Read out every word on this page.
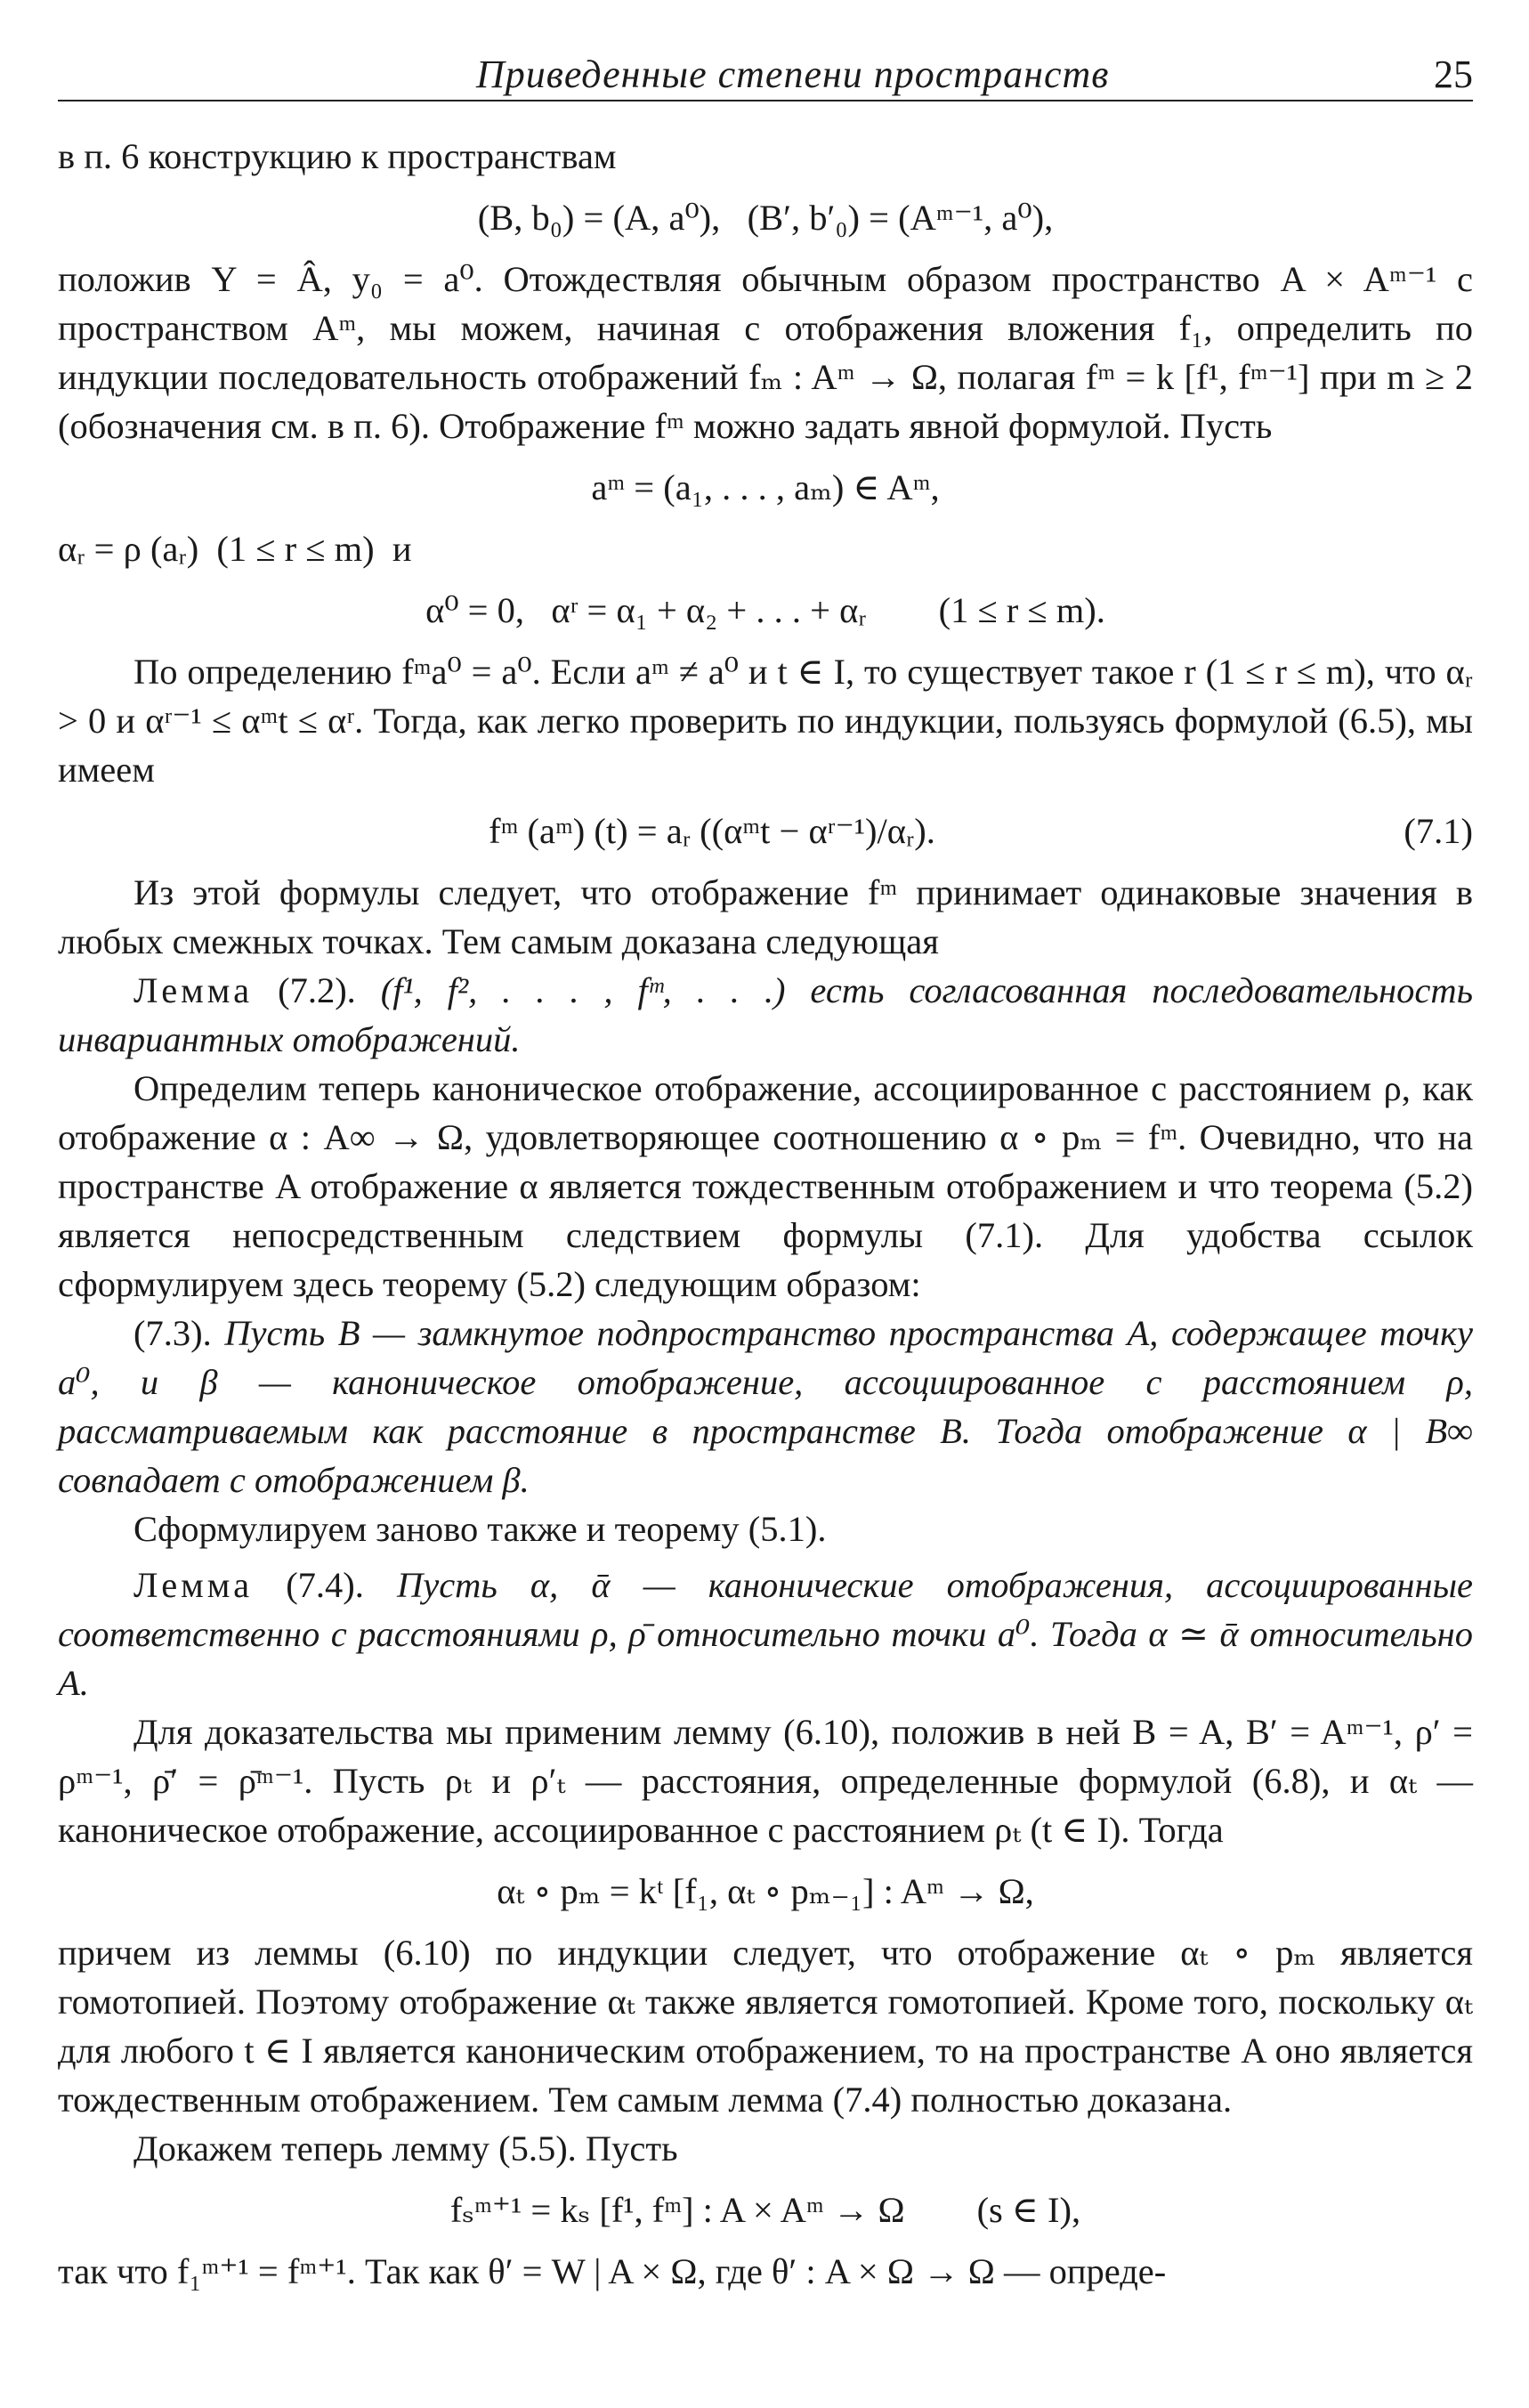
Приведенные степени пространств	25

в п. 6 конструкцию к пространствам

(B, b₀) = (A, a⁰),   (B′, b′₀) = (Aᵐ⁻¹, a⁰),

положив Y = Â, y₀ = a⁰. Отождествляя обычным образом пространство A × Aᵐ⁻¹ с пространством Aᵐ, мы можем, начиная с отображения вложения f₁, определить по индукции последовательность отображений fₘ : Aᵐ → Ω, полагая fᵐ = k [f¹, fᵐ⁻¹] при m ≥ 2 (обозначения см. в п. 6). Отображение fᵐ можно задать явной формулой. Пусть

aᵐ = (a₁, . . . , aₘ) ∈ Aᵐ,

αᵣ = ρ (aᵣ)  (1 ≤ r ≤ m)  и

α⁰ = 0,   αʳ = α₁ + α₂ + . . . + αᵣ        (1 ≤ r ≤ m).

По определению fᵐa⁰ = a⁰. Если aᵐ ≠ a⁰ и t ∈ I, то существует такое r (1 ≤ r ≤ m), что αᵣ > 0 и αʳ⁻¹ ≤ αᵐt ≤ αʳ. Тогда, как легко проверить по индукции, пользуясь формулой (6.5), мы имеем

fᵐ (aᵐ) (t) = aᵣ ((αᵐt − αʳ⁻¹)/αᵣ).	(7.1)

Из этой формулы следует, что отображение fᵐ принимает одинаковые значения в любых смежных точках. Тем самым доказана следующая

Лемма (7.2). (f¹, f², . . . , fᵐ, . . .) есть согласованная последовательность инвариантных отображений.

Определим теперь каноническое отображение, ассоциированное с расстоянием ρ, как отображение α : A∞ → Ω, удовлетворяющее соотношению α ∘ pₘ = fᵐ. Очевидно, что на пространстве A отображение α является тождественным отображением и что теорема (5.2) является непосредственным следствием формулы (7.1). Для удобства ссылок сформулируем здесь теорему (5.2) следующим образом:

(7.3). Пусть B — замкнутое подпространство пространства A, содержащее точку a⁰, и β — каноническое отображение, ассоциированное с расстоянием ρ, рассматриваемым как расстояние в пространстве B. Тогда отображение α | B∞ совпадает с отображением β.

Сформулируем заново также и теорему (5.1).

Лемма (7.4). Пусть α, ᾱ — канонические отображения, ассоциированные соответственно с расстояниями ρ, ρ̄ относительно точки a⁰. Тогда α ≃ ᾱ относительно A.

Для доказательства мы применим лемму (6.10), положив в ней B = A, B′ = Aᵐ⁻¹, ρ′ = ρᵐ⁻¹, ρ̄′ = ρ̄ᵐ⁻¹. Пусть ρₜ и ρ′ₜ — расстояния, определенные формулой (6.8), и αₜ — каноническое отображение, ассоциированное с расстоянием ρₜ (t ∈ I). Тогда

αₜ ∘ pₘ = kᵗ [f₁, αₜ ∘ pₘ₋₁] : Aᵐ → Ω,

причем из леммы (6.10) по индукции следует, что отображение αₜ ∘ pₘ является гомотопией. Поэтому отображение αₜ также является гомотопией. Кроме того, поскольку αₜ для любого t ∈ I является каноническим отображением, то на пространстве A оно является тождественным отображением. Тем самым лемма (7.4) полностью доказана.

Докажем теперь лемму (5.5). Пусть

fₛᵐ⁺¹ = kₛ [f¹, fᵐ] : A × Aᵐ → Ω        (s ∈ I),

так что f₁ᵐ⁺¹ = fᵐ⁺¹. Так как θ′ = W | A × Ω, где θ′ : A × Ω → Ω — опреде-
